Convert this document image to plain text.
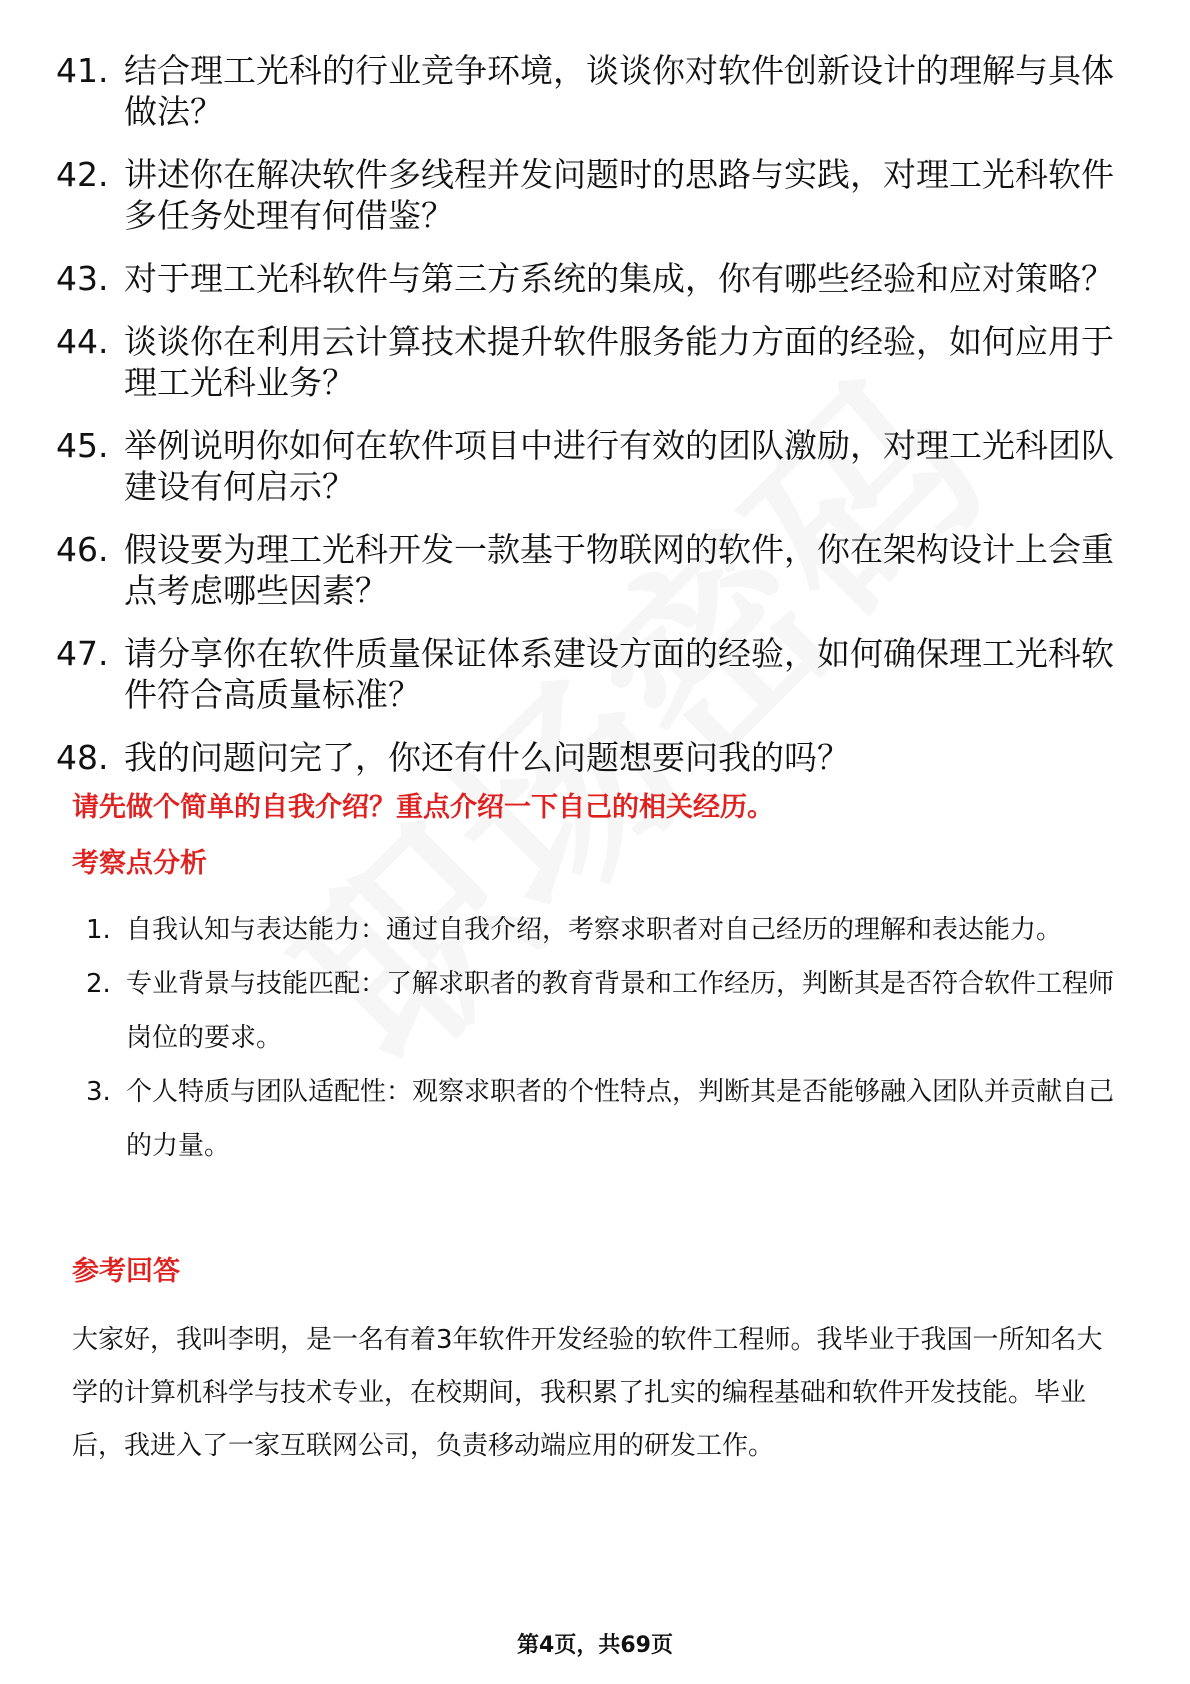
41. 结合理工光科的行业竞争环境，谈谈你对软件创新设计的理解与具体做法？
42. 讲述你在解决软件多线程并发问题时的思路与实践，对理工光科软件多任务处理有何借鉴？
43. 对于理工光科软件与第三方系统的集成，你有哪些经验和应对策略？
44. 谈谈你在利用云计算技术提升软件服务能力方面的经验，如何应用于理工光科业务？
45. 举例说明你如何在软件项目中进行有效的团队激励，对理工光科团队建设有何启示？
46. 假设要为理工光科开发一款基于物联网的软件，你在架构设计上会重点考虑哪些因素？
47. 请分享你在软件质量保证体系建设方面的经验，如何确保理工光科软件符合高质量标准？
48. 我的问题问完了，你还有什么问题想要问我的吗？
请先做个简单的自我介绍？重点介绍一下自己的相关经历。
考察点分析
1. 自我认知与表达能力：通过自我介绍，考察求职者对自己经历的理解和表达能力。
2. 专业背景与技能匹配：了解求职者的教育背景和工作经历，判断其是否符合软件工程师岗位的要求。
3. 个人特质与团队适配性：观察求职者的个性特点，判断其是否能够融入团队并贡献自己的力量。
参考回答
大家好，我叫李明，是一名有着3年软件开发经验的软件工程师。我毕业于我国一所知名大学的计算机科学与技术专业，在校期间，我积累了扎实的编程基础和软件开发技能。毕业后，我进入了一家互联网公司，负责移动端应用的研发工作。
第4页，共69页
